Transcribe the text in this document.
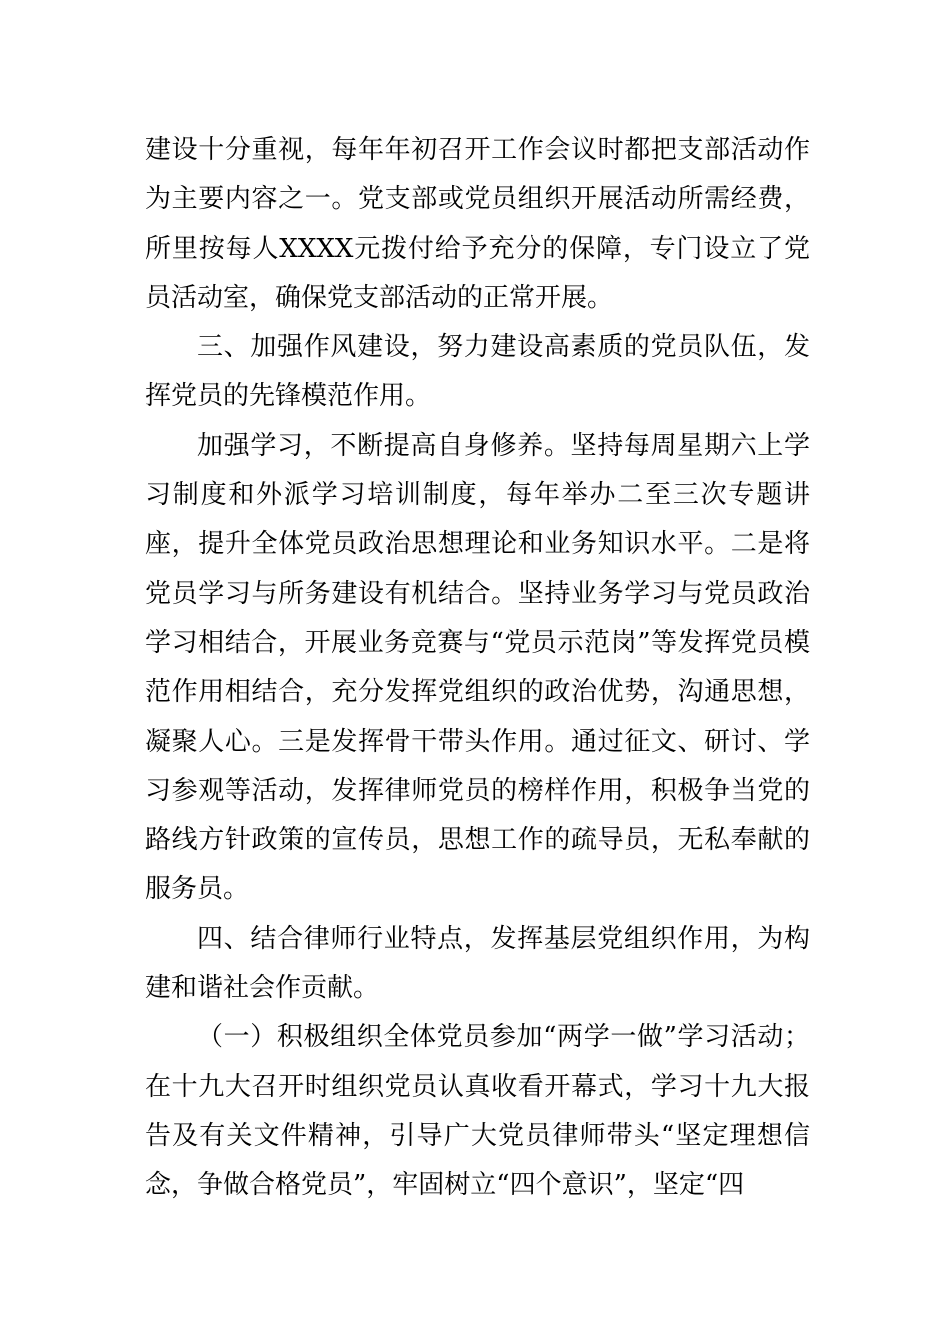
建设十分重视，每年年初召开工作会议时都把支部活动作为主要内容之一。党支部或党员组织开展活动所需经费，所里按每人XXXX元拨付给予充分的保障，专门设立了党员活动室，确保党支部活动的正常开展。

三、加强作风建设，努力建设高素质的党员队伍，发挥党员的先锋模范作用。

加强学习，不断提高自身修养。坚持每周星期六上学习制度和外派学习培训制度，每年举办二至三次专题讲座，提升全体党员政治思想理论和业务知识水平。二是将党员学习与所务建设有机结合。坚持业务学习与党员政治学习相结合，开展业务竞赛与“党员示范岗”等发挥党员模范作用相结合，充分发挥党组织的政治优势，沟通思想，凝聚人心。三是发挥骨干带头作用。通过征文、研讨、学习参观等活动，发挥律师党员的榜样作用，积极争当党的路线方针政策的宣传员，思想工作的疏导员，无私奉献的服务员。

四、结合律师行业特点，发挥基层党组织作用，为构建和谐社会作贡献。

（一）积极组织全体党员参加“两学一做”学习活动；在十九大召开时组织党员认真收看开幕式，学习十九大报告及有关文件精神，引导广大党员律师带头“坚定理想信念，争做合格党员”，牢固树立“四个意识”，坚定“四
